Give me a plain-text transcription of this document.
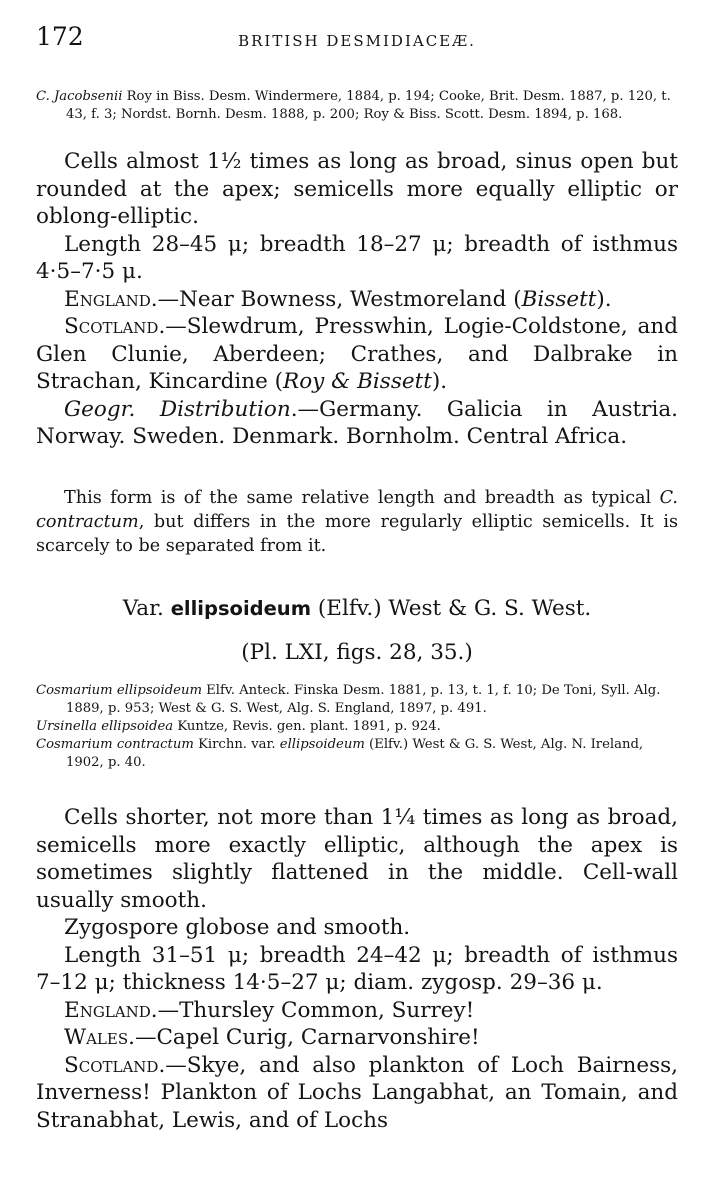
172	BRITISH DESMIDIACEÆ.

C. Jacobsenii Roy in Biss. Desm. Windermere, 1884, p. 194; Cooke, Brit. Desm. 1887, p. 120, t. 43, f. 3; Nordst. Bornh. Desm. 1888, p. 200; Roy & Biss. Scott. Desm. 1894, p. 168.

Cells almost 1½ times as long as broad, sinus open but rounded at the apex; semicells more equally elliptic or oblong-elliptic.

Length 28–45 μ; breadth 18–27 μ; breadth of isthmus 4·5–7·5 μ.

England.—Near Bowness, Westmoreland (Bissett).

Scotland.—Slewdrum, Presswhin, Logie-Coldstone, and Glen Clunie, Aberdeen; Crathes, and Dalbrake in Strachan, Kincardine (Roy & Bissett).

Geogr. Distribution.—Germany. Galicia in Austria. Norway. Sweden. Denmark. Bornholm. Central Africa.

This form is of the same relative length and breadth as typical C. contractum, but differs in the more regularly elliptic semicells. It is scarcely to be separated from it.

Var. ellipsoideum (Elfv.) West & G. S. West.
(Pl. LXI, figs. 28, 35.)

Cosmarium ellipsoideum Elfv. Anteck. Finska Desm. 1881, p. 13, t. 1, f. 10; De Toni, Syll. Alg. 1889, p. 953; West & G. S. West, Alg. S. England, 1897, p. 491.

Ursinella ellipsoidea Kuntze, Revis. gen. plant. 1891, p. 924.

Cosmarium contractum Kirchn. var. ellipsoideum (Elfv.) West & G. S. West, Alg. N. Ireland, 1902, p. 40.

Cells shorter, not more than 1¼ times as long as broad, semicells more exactly elliptic, although the apex is sometimes slightly flattened in the middle. Cell-wall usually smooth.

Zygospore globose and smooth.

Length 31–51 μ; breadth 24–42 μ; breadth of isthmus 7–12 μ; thickness 14·5–27 μ; diam. zygosp. 29–36 μ.

England.—Thursley Common, Surrey!

Wales.—Capel Curig, Carnarvonshire!

Scotland.—Skye, and also plankton of Loch Bairness, Inverness! Plankton of Lochs Langabhat, an Tomain, and Stranabhat, Lewis, and of Lochs
